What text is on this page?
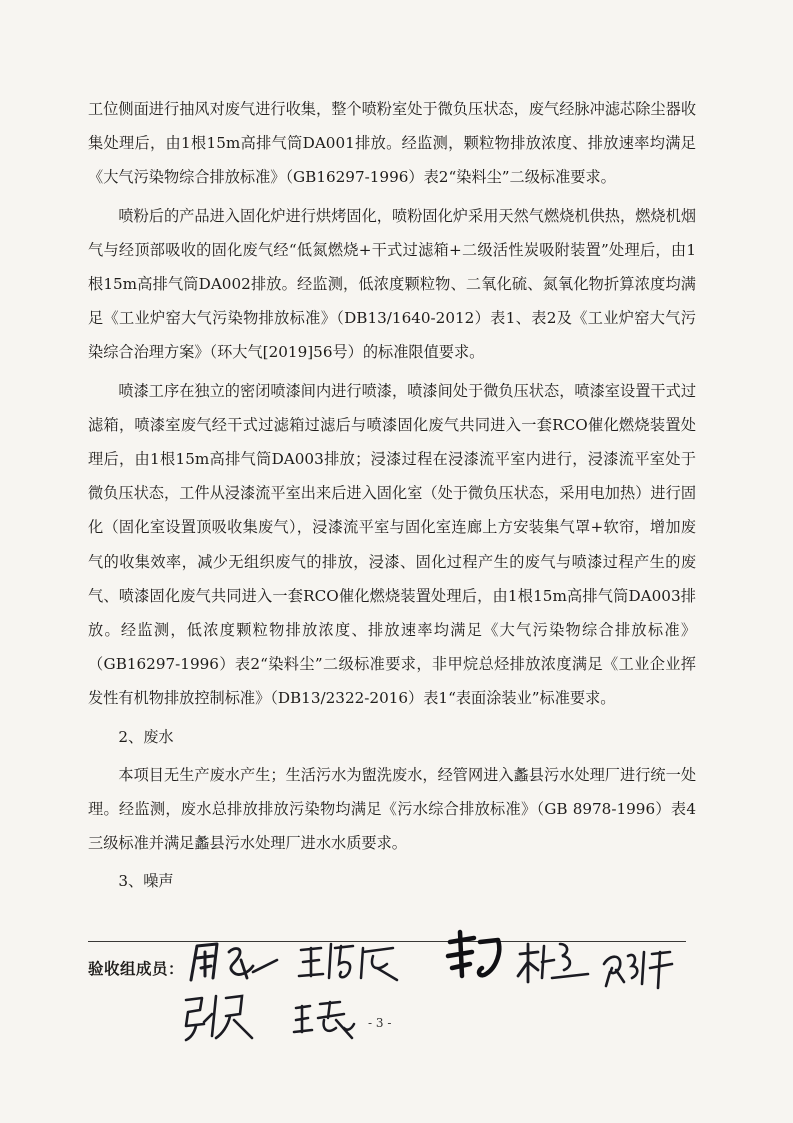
工位侧面进行抽风对废气进行收集，整个喷粉室处于微负压状态，废气经脉冲滤芯除尘器收集处理后，由1根15m高排气筒DA001排放。经监测，颗粒物排放浓度、排放速率均满足《大气污染物综合排放标准》（GB16297-1996）表2“染料尘”二级标准要求。

喷粉后的产品进入固化炉进行烘烤固化，喷粉固化炉采用天然气燃烧机供热，燃烧机烟气与经顶部吸收的固化废气经“低氮燃烧+干式过滤箱+二级活性炭吸附装置”处理后，由1根15m高排气筒DA002排放。经监测，低浓度颗粒物、二氧化硫、氮氧化物折算浓度均满足《工业炉窑大气污染物排放标准》（DB13/1640-2012）表1、表2及《工业炉窑大气污染综合治理方案》（环大气[2019]56号）的标准限值要求。

喷漆工序在独立的密闭喷漆间内进行喷漆，喷漆间处于微负压状态，喷漆室设置干式过滤箱，喷漆室废气经干式过滤箱过滤后与喷漆固化废气共同进入一套RCO催化燃烧装置处理后，由1根15m高排气筒DA003排放；浸漆过程在浸漆流平室内进行，浸漆流平室处于微负压状态，工件从浸漆流平室出来后进入固化室（处于微负压状态，采用电加热）进行固化（固化室设置顶吸收集废气），浸漆流平室与固化室连廊上方安装集气罩+软帘，增加废气的收集效率，减少无组织废气的排放，浸漆、固化过程产生的废气与喷漆过程产生的废气、喷漆固化废气共同进入一套RCO催化燃烧装置处理后，由1根15m高排气筒DA003排放。经监测，低浓度颗粒物排放浓度、排放速率均满足《大气污染物综合排放标准》（GB16297-1996）表2“染料尘”二级标准要求，非甲烷总烃排放浓度满足《工业企业挥发性有机物排放控制标准》（DB13/2322-2016）表1“表面涂装业”标准要求。

2、废水

本项目无生产废水产生；生活污水为盥洗废水，经管网进入蠡县污水处理厂进行统一处理。经监测，废水总排放排放污染物均满足《污水综合排放标准》（GB 8978-1996）表4三级标准并满足蠡县污水处理厂进水水质要求。

3、噪声

验收组成员：
- 3 -
